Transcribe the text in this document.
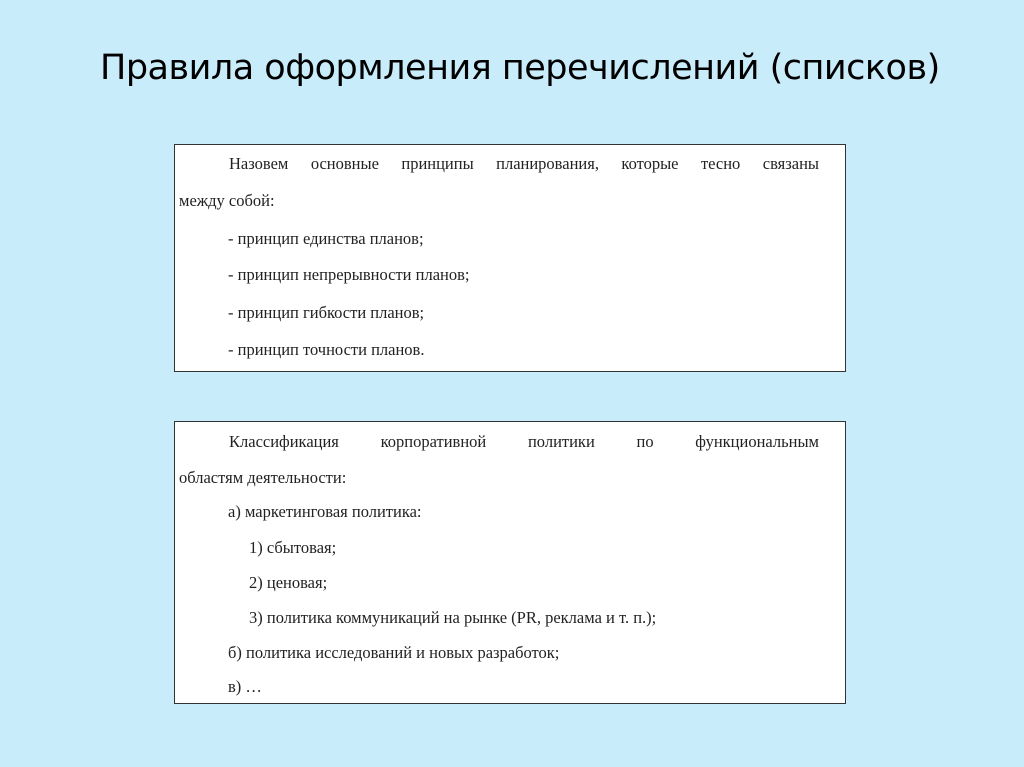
Правила оформления перечислений (списков)
Назовем основные принципы планирования, которые тесно связаны
между собой:
- принцип единства планов;
- принцип непрерывности планов;
- принцип гибкости планов;
- принцип точности планов.
Классификация	корпоративной	политики	по	функциональным
областям деятельности:
а) маркетинговая политика:
1) сбытовая;
2) ценовая;
3) политика коммуникаций на рынке (PR, реклама и т. п.);
б) политика исследований и новых разработок;
в) …
